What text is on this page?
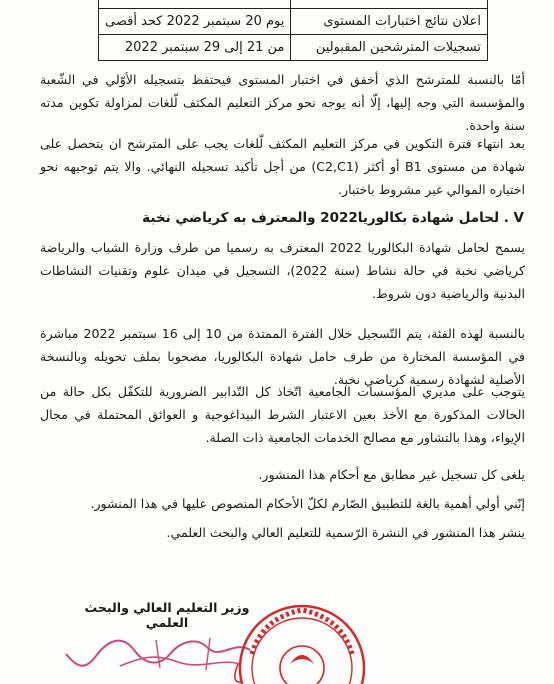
اعلان نتائج اختبارات المستوى	يوم 20 سبتمبر 2022 كحد أقصى
تسجيلات المترشحين المقبولين	من 21 إلى 29 سبتمبر 2022

أمّا بالنسبة للمترشح الذي أخفق في اختبار المستوى فيحتفظ بتسجيله الأوّلي في الشّعبة والمؤسسة التي وجه إليها، إلّا أنه يوجه نحو مركز التعليم المكثف لّلغات لمزاولة تكوين مدته سنة واحدة.

بعد انتهاء فترة التكوين في مركز التعليم المكثف لّلغات يجب على المترشح ان يتحصل على شهادة من مستوى B1 أو أكثر (C2,C1) من أجل تأكيد تسجيله النهائي. والا يتم توجيهه نحو اختياره الموالي غير مشروط باختبار.

V . لحامل شهادة بكالوريا2022 والمعترف به كرياضي نخبة

يسمح لحامل شهادة البكالوريا 2022 المعترف به رسميا من طرف وزارة الشباب والرياضة كرياضي نخبة في حالة نشاط (سنة 2022)، التسجيل في ميدان علوم وتقنيات النشاطات البدنية والرياضية دون شروط.

بالنسبة لهذه الفئة، يتم التّسجيل خلال الفترة الممتدة من 10 إلى 16 سبتمبر 2022 مباشرة في المؤسسة المختارة من طرف حامل شهادة البكالوريا، مصحوبا بملف تحويله وبالنسخة الأصلية لشهادة رسمية كرياضي نخبة.

يتوجب على مديري المؤسسات الجامعية اتّخاذ كل التّدابير الضرورية للتكفّل بكل حالة من الحالات المذكورة مع الأخذ بعين الاعتبار الشرط البيداغوجية و العوائق المحتملة في مجال الإيواء، وهذا بالتشاور مع مصالح الخدمات الجامعية ذات الصلة.

يلغى كل تسجيل غير مطابق مع أحكام هذا المنشور.

إنّني أولي أهمية بالغة للتطبيق الصّارم لكلّ الأحكام المنصوص عليها في هذا المنشور.

ينشر هذا المنشور في النشرة الرّسمية للتعليم العالي والبحث العلمي.

وزير التعليم العالي والبحث العلمي
